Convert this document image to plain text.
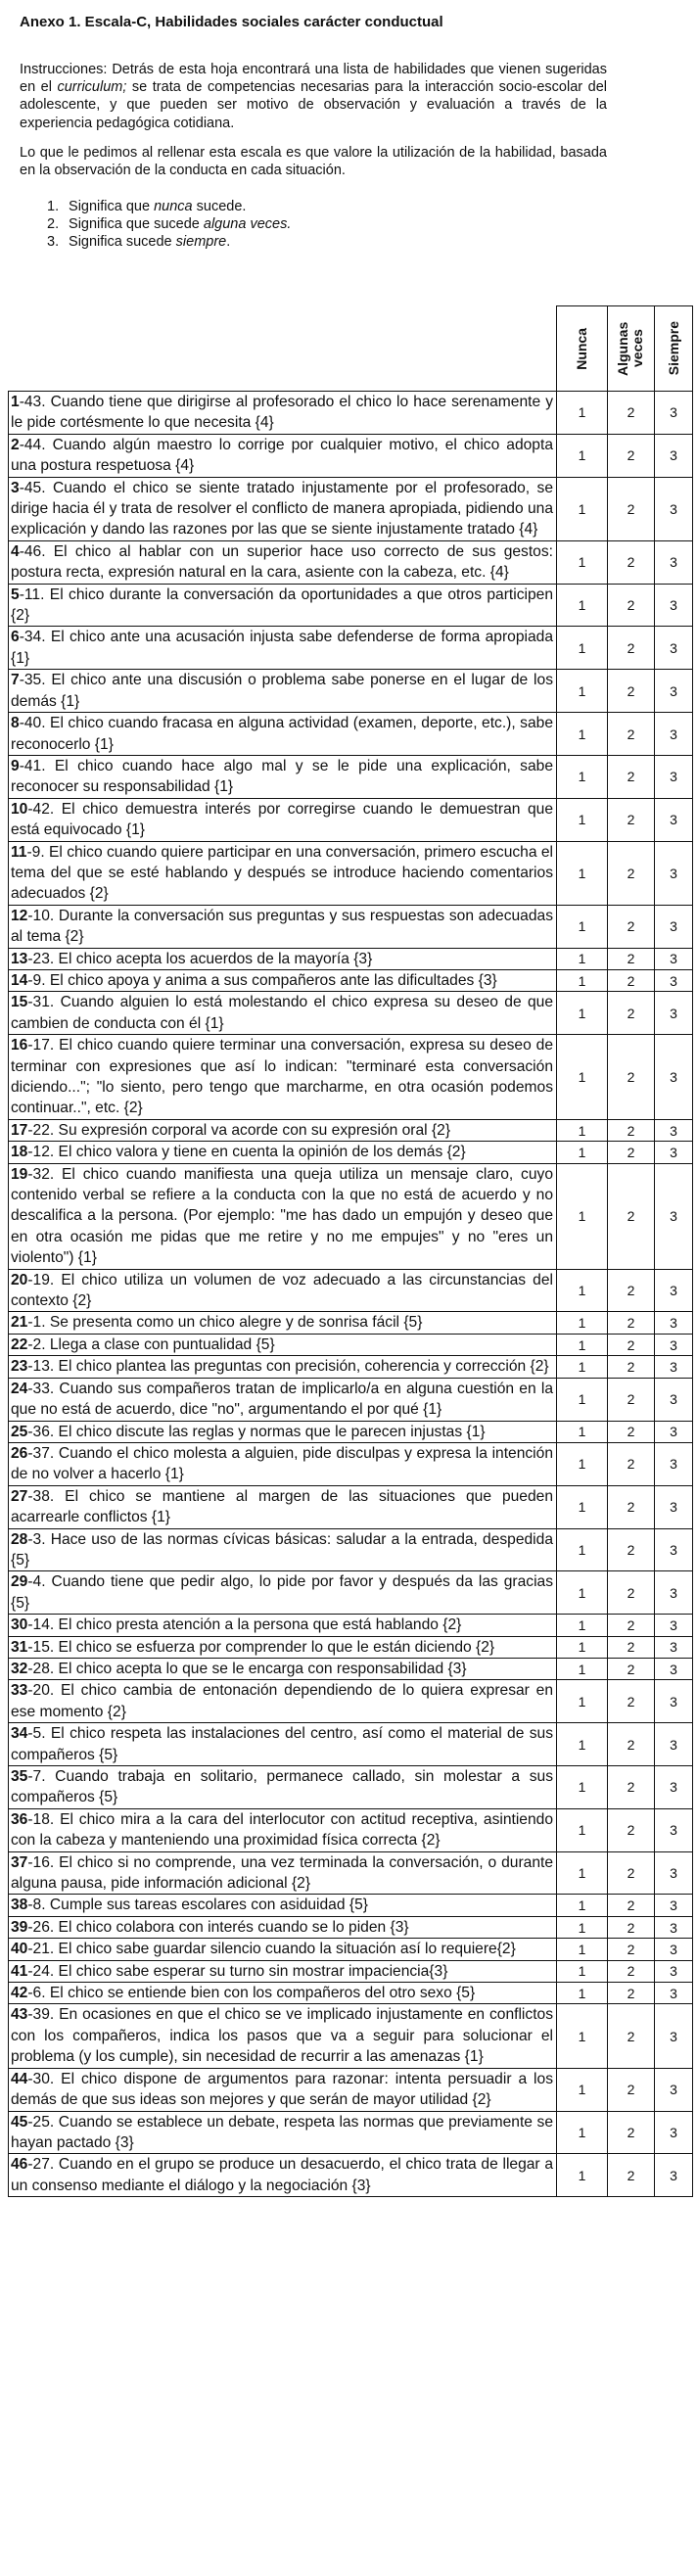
Anexo 1. Escala-C, Habilidades sociales carácter conductual
Instrucciones: Detrás de esta hoja encontrará una lista de habilidades que vienen sugeridas en el curriculum; se trata de competencias necesarias para la interacción socio-escolar del adolescente, y que pueden ser motivo de observación y evaluación a través de la experiencia pedagógica cotidiana.
Lo que le pedimos al rellenar esta escala es que valore la utilización de la habilidad, basada en la observación de la conducta en cada situación.
1. Significa que nunca sucede.
2. Significa que sucede alguna veces.
3. Significa sucede siempre.

	Nunca	Algunas veces	Siempre

1-43. Cuando tiene que dirigirse al profesorado el chico lo hace serenamente y le pide cortésmente lo que necesita {4}	1	2	3
2-44. Cuando algún maestro lo corrige por cualquier motivo, el chico adopta una postura respetuosa {4}	1	2	3
3-45. Cuando el chico se siente tratado injustamente por el profesorado, se dirige hacia él y trata de resolver el conflicto de manera apropiada, pidiendo una explicación y dando las razones por las que se siente injustamente tratado {4}	1	2	3
4-46. El chico al hablar con un superior hace uso correcto de sus gestos: postura recta, expresión natural en la cara, asiente con la cabeza, etc. {4}	1	2	3
5-11. El chico durante la conversación da oportunidades a que otros participen {2}	1	2	3
6-34. El chico ante una acusación injusta sabe defenderse de forma apropiada {1}	1	2	3
7-35. El chico ante una discusión o problema sabe ponerse en el lugar de los demás {1}	1	2	3
8-40. El chico cuando fracasa en alguna actividad (examen, deporte, etc.), sabe reconocerlo {1}	1	2	3
9-41. El chico cuando hace algo mal y se le pide una explicación, sabe reconocer su responsabilidad {1}	1	2	3
10-42. El chico demuestra interés por corregirse cuando le demuestran que está equivocado {1}	1	2	3
11-9. El chico cuando quiere participar en una conversación, primero escucha el tema del que se esté hablando y después se introduce haciendo comentarios adecuados {2}	1	2	3
12-10. Durante la conversación sus preguntas y sus respuestas son adecuadas al tema {2}	1	2	3
13-23. El chico acepta los acuerdos de la mayoría {3}	1	2	3
14-9. El chico apoya y anima a sus compañeros ante las dificultades {3}	1	2	3
15-31. Cuando alguien lo está molestando el chico expresa su deseo de que cambien de conducta con él {1}	1	2	3
16-17. El chico cuando quiere terminar una conversación, expresa su deseo de terminar con expresiones que así lo indican: "terminaré esta conversación diciendo..."; "lo siento, pero tengo que marcharme, en otra ocasión podemos continuar..", etc. {2}	1	2	3
17-22. Su expresión corporal va acorde con su expresión oral {2}	1	2	3
18-12. El chico valora y tiene en cuenta la opinión de los demás {2}	1	2	3
19-32. El chico cuando manifiesta una queja utiliza un mensaje claro, cuyo contenido verbal se refiere a la conducta con la que no está de acuerdo y no descalifica a la persona. (Por ejemplo: "me has dado un empujón y deseo que en otra ocasión me pidas que me retire y no me empujes" y no "eres un violento") {1}	1	2	3
20-19. El chico utiliza un volumen de voz adecuado a las circunstancias del contexto {2}	1	2	3
21-1. Se presenta como un chico alegre y de sonrisa fácil {5}	1	2	3
22-2. Llega a clase con puntualidad {5}	1	2	3
23-13. El chico plantea las preguntas con precisión, coherencia y corrección {2}	1	2	3
24-33. Cuando sus compañeros tratan de implicarlo/a en alguna cuestión en la que no está de acuerdo, dice "no", argumentando el por qué {1}	1	2	3
25-36. El chico discute las reglas y normas que le parecen injustas {1}	1	2	3
26-37. Cuando el chico molesta a alguien, pide disculpas y expresa la intención de no volver a hacerlo {1}	1	2	3
27-38. El chico se mantiene al margen de las situaciones que pueden acarrearle conflictos {1}	1	2	3
28-3. Hace uso de las normas cívicas básicas: saludar a la entrada, despedida {5}	1	2	3
29-4. Cuando tiene que pedir algo, lo pide por favor y después da las gracias {5}	1	2	3
30-14. El chico presta atención a la persona que está hablando {2}	1	2	3
31-15. El chico se esfuerza por comprender lo que le están diciendo {2}	1	2	3
32-28. El chico acepta lo que se le encarga con responsabilidad {3}	1	2	3
33-20. El chico cambia de entonación dependiendo de lo quiera expresar en ese momento {2}	1	2	3
34-5. El chico respeta las instalaciones del centro, así como el material de sus compañeros {5}	1	2	3
35-7. Cuando trabaja en solitario, permanece callado, sin molestar a sus compañeros {5}	1	2	3
36-18. El chico mira a la cara del interlocutor con actitud receptiva, asintiendo con la cabeza y manteniendo una proximidad física correcta {2}	1	2	3
37-16. El chico si no comprende, una vez terminada la conversación, o durante alguna pausa, pide información adicional {2}	1	2	3
38-8. Cumple sus tareas escolares con asiduidad {5}	1	2	3
39-26. El chico colabora con interés cuando se lo piden {3}	1	2	3
40-21. El chico sabe guardar silencio cuando la situación así lo requiere{2}	1	2	3
41-24. El chico sabe esperar su turno sin mostrar impaciencia{3}	1	2	3
42-6. El chico se entiende bien con los compañeros del otro sexo {5}	1	2	3
43-39. En ocasiones en que el chico se ve implicado injustamente en conflictos con los compañeros, indica los pasos que va a seguir para solucionar el problema (y los cumple), sin necesidad de recurrir a las amenazas {1}	1	2	3
44-30. El chico dispone de argumentos para razonar: intenta persuadir a los demás de que sus ideas son mejores y que serán de mayor utilidad {2}	1	2	3
45-25. Cuando se establece un debate, respeta las normas que previamente se hayan pactado {3}	1	2	3
46-27. Cuando en el grupo se produce un desacuerdo, el chico trata de llegar a un consenso mediante el diálogo y la negociación {3}	1	2	3
